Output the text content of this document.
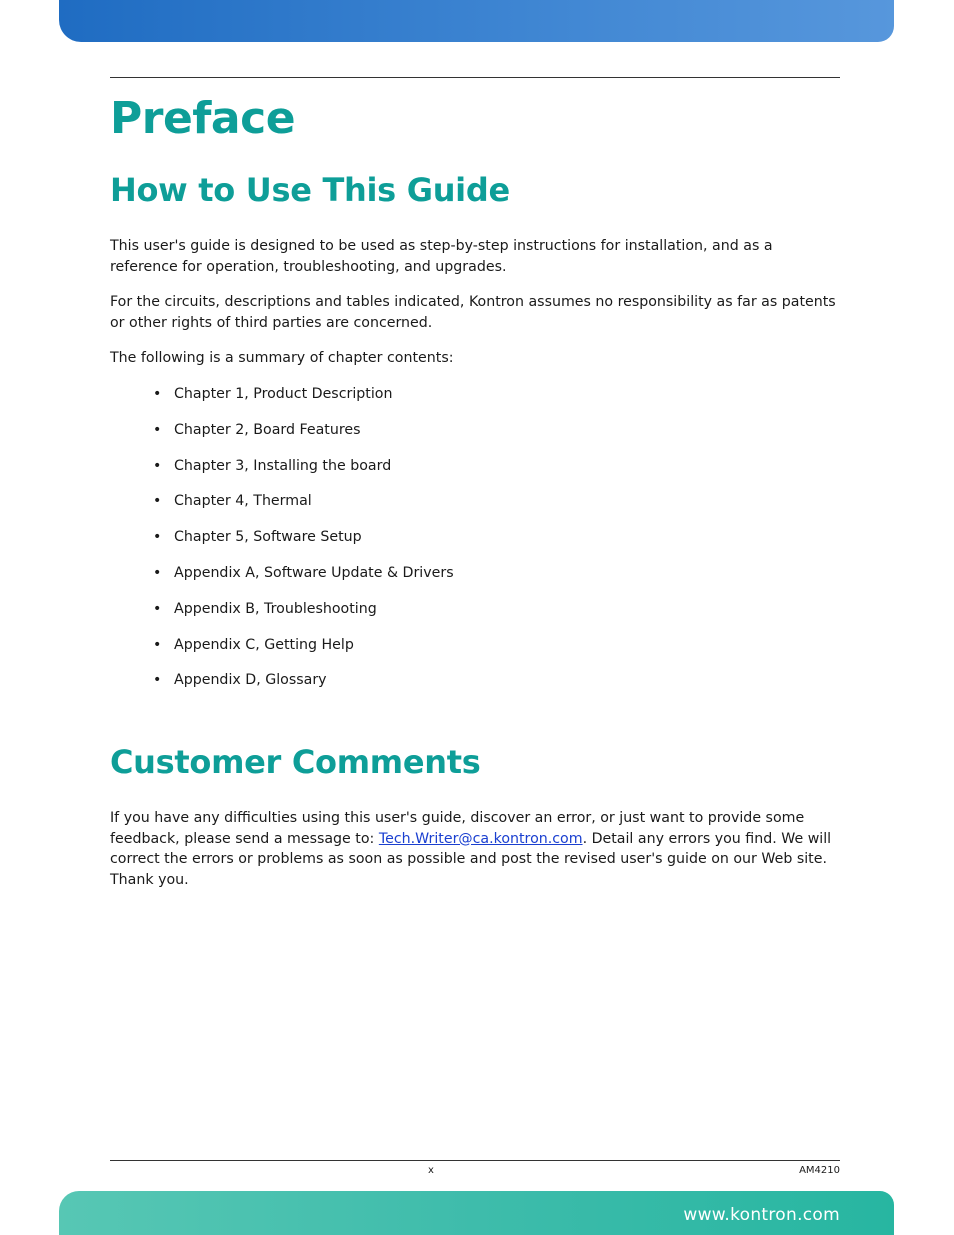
Preface
How to Use This Guide

This user's guide is designed to be used as step-by-step instructions for installation, and as a reference for operation, troubleshooting, and upgrades.

For the circuits, descriptions and tables indicated, Kontron assumes no responsibility as far as patents or other rights of third parties are concerned.

The following is a summary of chapter contents:

• Chapter 1, Product Description
• Chapter 2, Board Features
• Chapter 3, Installing the board
• Chapter 4, Thermal
• Chapter 5, Software Setup
• Appendix A, Software Update & Drivers
• Appendix B, Troubleshooting
• Appendix C, Getting Help
• Appendix D, Glossary
Customer Comments

If you have any difficulties using this user's guide, discover an error, or just want to provide some feedback, please send a message to: Tech.Writer@ca.kontron.com. Detail any errors you find. We will correct the errors or problems as soon as possible and post the revised user's guide on our Web site. Thank you.

x	AM4210
www.kontron.com
